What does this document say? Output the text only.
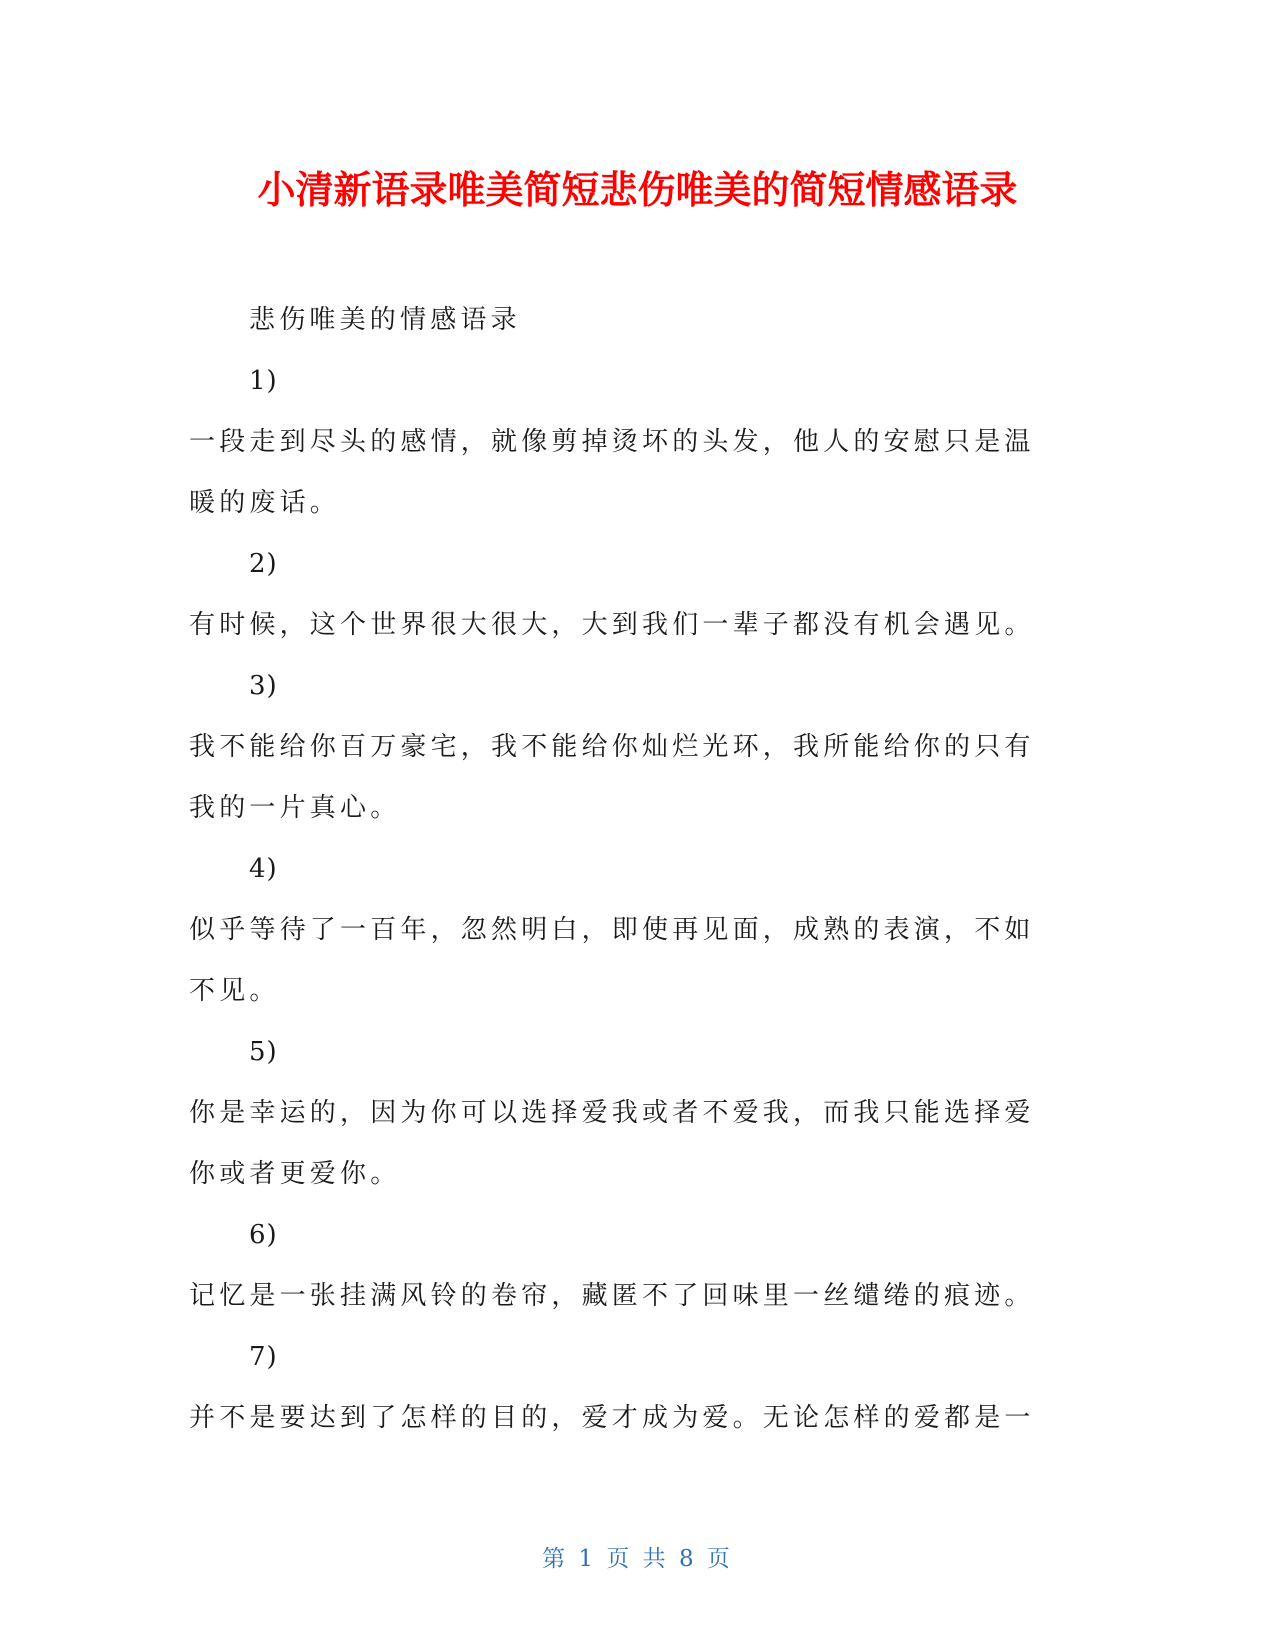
小清新语录唯美简短悲伤唯美的简短情感语录

悲伤唯美的情感语录

1)

一段走到尽头的感情，就像剪掉烫坏的头发，他人的安慰只是温

暖的废话。

2)

有时候，这个世界很大很大，大到我们一辈子都没有机会遇见。

3)

我不能给你百万豪宅，我不能给你灿烂光环，我所能给你的只有

我的一片真心。

4)

似乎等待了一百年，忽然明白，即使再见面，成熟的表演，不如

不见。

5)

你是幸运的，因为你可以选择爱我或者不爱我，而我只能选择爱

你或者更爱你。

6)

记忆是一张挂满风铃的卷帘，藏匿不了回味里一丝缱绻的痕迹。

7)

并不是要达到了怎样的目的，爱才成为爱。无论怎样的爱都是一

第 1 页 共 8 页
